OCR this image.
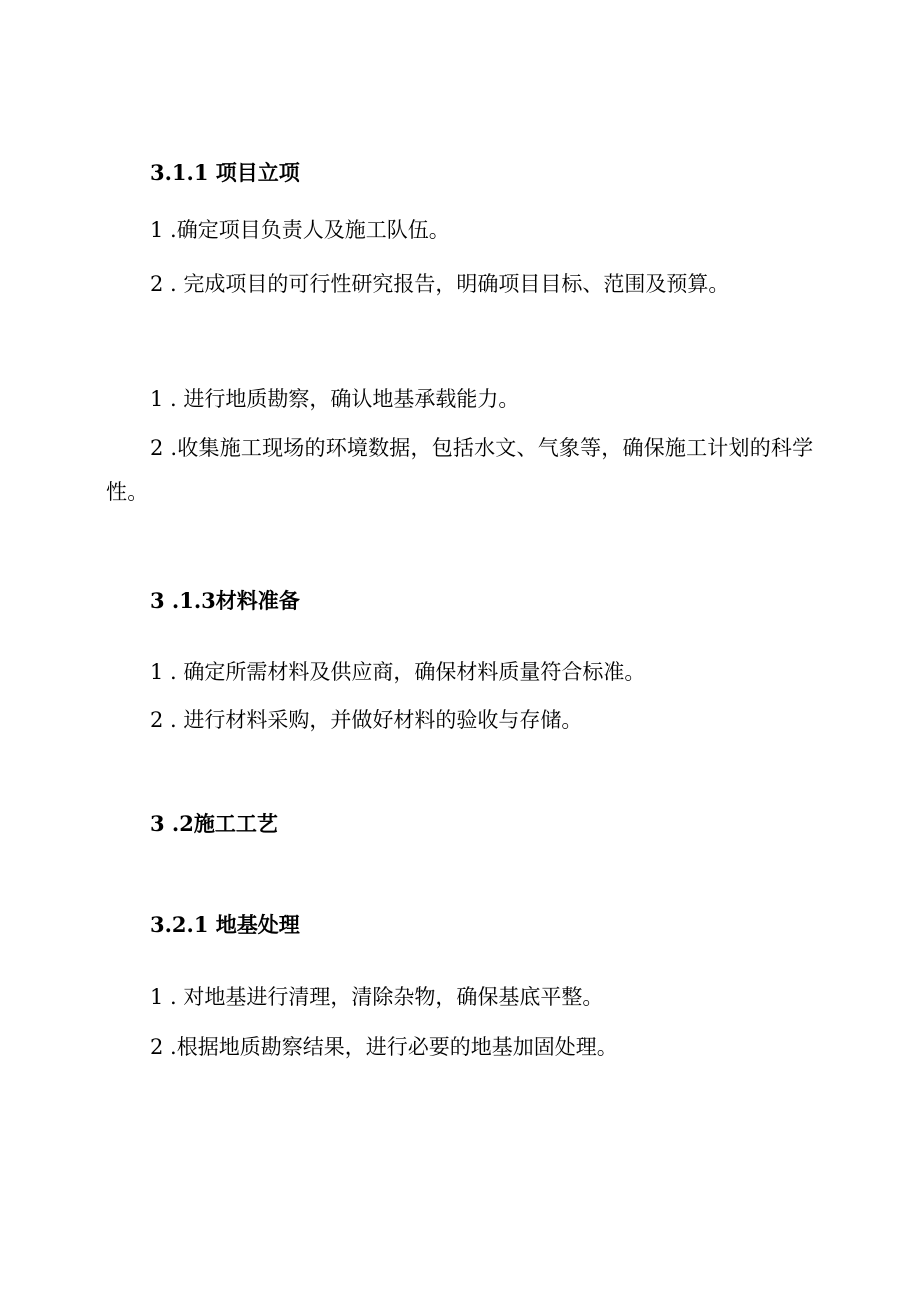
3.1.1 项目立项
1 .确定项目负责人及施工队伍。
2 . 完成项目的可行性研究报告，明确项目目标、范围及预算。
1 . 进行地质勘察，确认地基承载能力。
2 .收集施工现场的环境数据，包括水文、气象等，确保施工计划的科学性。
3 .1.3材料准备
1 . 确定所需材料及供应商，确保材料质量符合标准。
2 . 进行材料采购，并做好材料的验收与存储。
3 .2施工工艺
3.2.1 地基处理
1 . 对地基进行清理，清除杂物，确保基底平整。
2 .根据地质勘察结果，进行必要的地基加固处理。
